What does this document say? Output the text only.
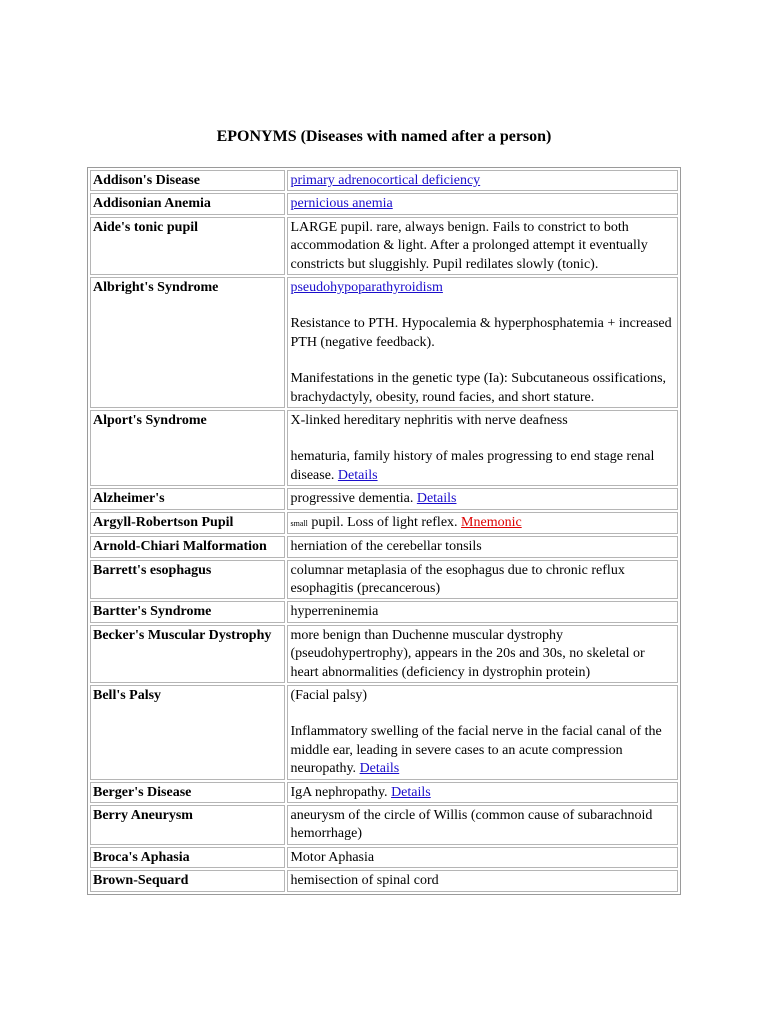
EPONYMS (Diseases with named after a person)
Addison's Disease	primary adrenocortical deficiency
Addisonian Anemia	pernicious anemia
Aide's tonic pupil	LARGE pupil. rare, always benign. Fails to constrict to both accommodation & light. After a prolonged attempt it eventually constricts but sluggishly. Pupil redilates slowly (tonic).
Albright's Syndrome	pseudohypoparathyroidism
Resistance to PTH. Hypocalemia & hyperphosphatemia + increased PTH (negative feedback).
Manifestations in the genetic type (Ia): Subcutaneous ossifications, brachydactyly, obesity, round facies, and short stature.

Alport's Syndrome	X-linked hereditary nephritis with nerve deafness
hematuria, family history of males progressing to end stage renal disease. Details

Alzheimer's	progressive dementia. Details
Argyll-Robertson Pupil	small pupil. Loss of light reflex. Mnemonic
Arnold-Chiari Malformation	herniation of the cerebellar tonsils
Barrett's esophagus	columnar metaplasia of the esophagus due to chronic reflux esophagitis (precancerous)
Bartter's Syndrome	hyperreninemia
Becker's Muscular Dystrophy	more benign than Duchenne muscular dystrophy (pseudohypertrophy), appears in the 20s and 30s, no skeletal or heart abnormalities (deficiency in dystrophin protein)
Bell's Palsy	(Facial palsy)
Inflammatory swelling of the facial nerve in the facial canal of the middle ear, leading in severe cases to an acute compression neuropathy. Details

Berger's Disease	IgA nephropathy. Details
Berry Aneurysm	aneurysm of the circle of Willis (common cause of subarachnoid hemorrhage)
Broca's Aphasia	Motor Aphasia
Brown-Sequard	hemisection of spinal cord
